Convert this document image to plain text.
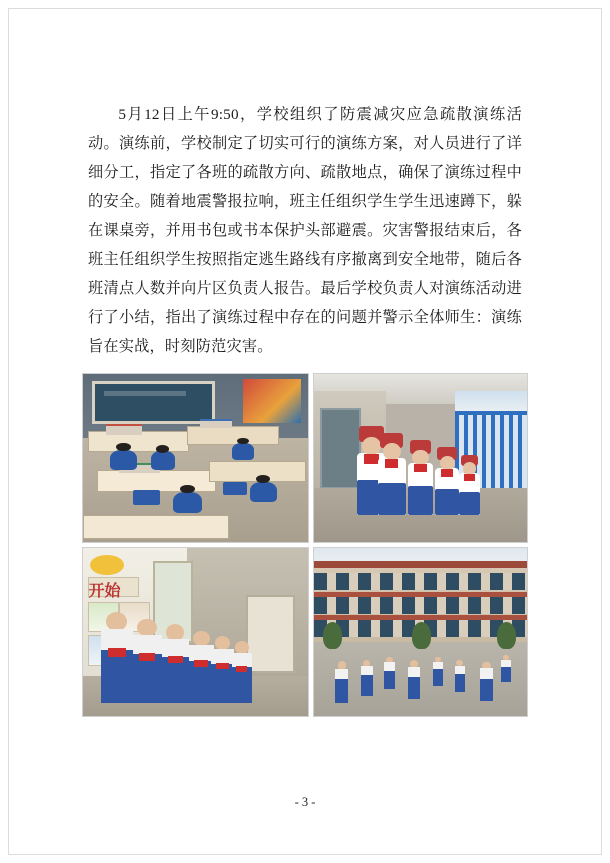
5月12日上午9:50，学校组织了防震减灾应急疏散演练活动。演练前，学校制定了切实可行的演练方案，对人员进行了详细分工，指定了各班的疏散方向、疏散地点，确保了演练过程中的安全。随着地震警报拉响，班主任组织学生学生迅速蹲下，躲在课桌旁，并用书包或书本保护头部避震。灾害警报结束后，各班主任组织学生按照指定逃生路线有序撤离到安全地带，随后各班清点人数并向片区负责人报告。最后学校负责人对演练活动进行了小结，指出了演练过程中存在的问题并警示全体师生：演练旨在实战，时刻防范灾害。

开始
- 3 -
